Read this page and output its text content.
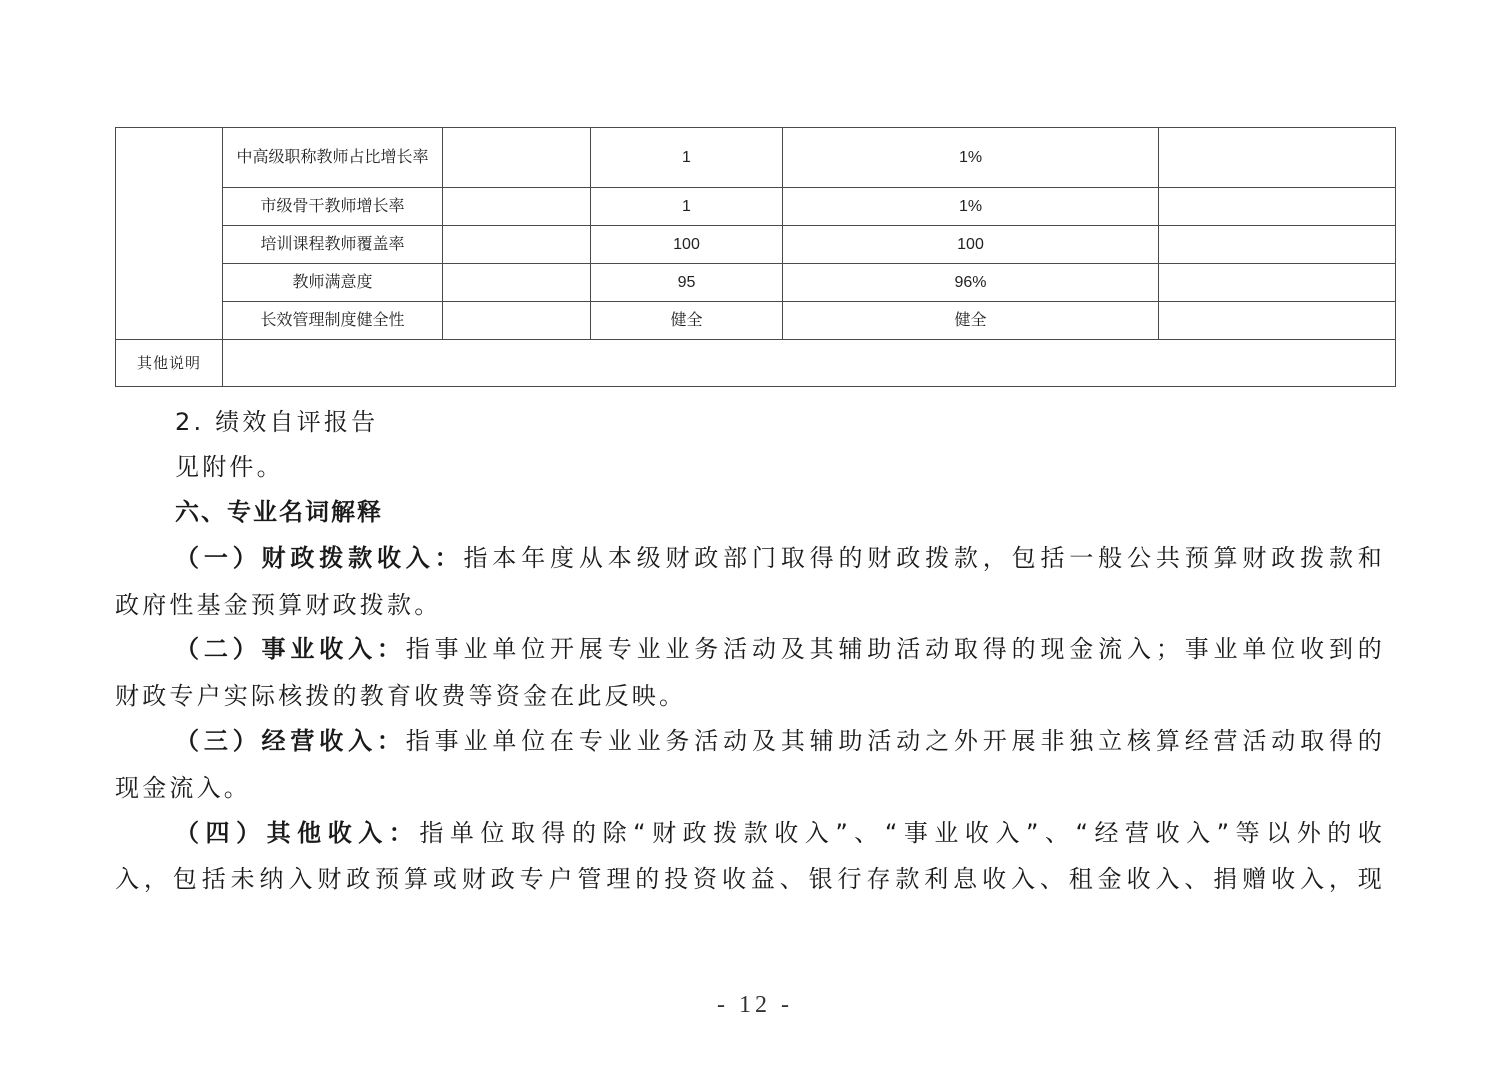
	中高级职称教师占比增长率		1	1%	
	市级骨干教师增长率		1	1%	
	培训课程教师覆盖率		100	100	
	教师满意度		95	96%	
	长效管理制度健全性		健全	健全	
其他说明					
2. 绩效自评报告
见附件。
六、专业名词解释
（一）财政拨款收入：指本年度从本级财政部门取得的财政拨款，包括一般公共预算财政拨款和
政府性基金预算财政拨款。
（二）事业收入：指事业单位开展专业业务活动及其辅助活动取得的现金流入；事业单位收到的
财政专户实际核拨的教育收费等资金在此反映。
（三）经营收入：指事业单位在专业业务活动及其辅助活动之外开展非独立核算经营活动取得的
现金流入。
（四）其他收入：指单位取得的除“财政拨款收入”、“事业收入”、“经营收入”等以外的收
入，包括未纳入财政预算或财政专户管理的投资收益、银行存款利息收入、租金收入、捐赠收入，现
- 12 -
